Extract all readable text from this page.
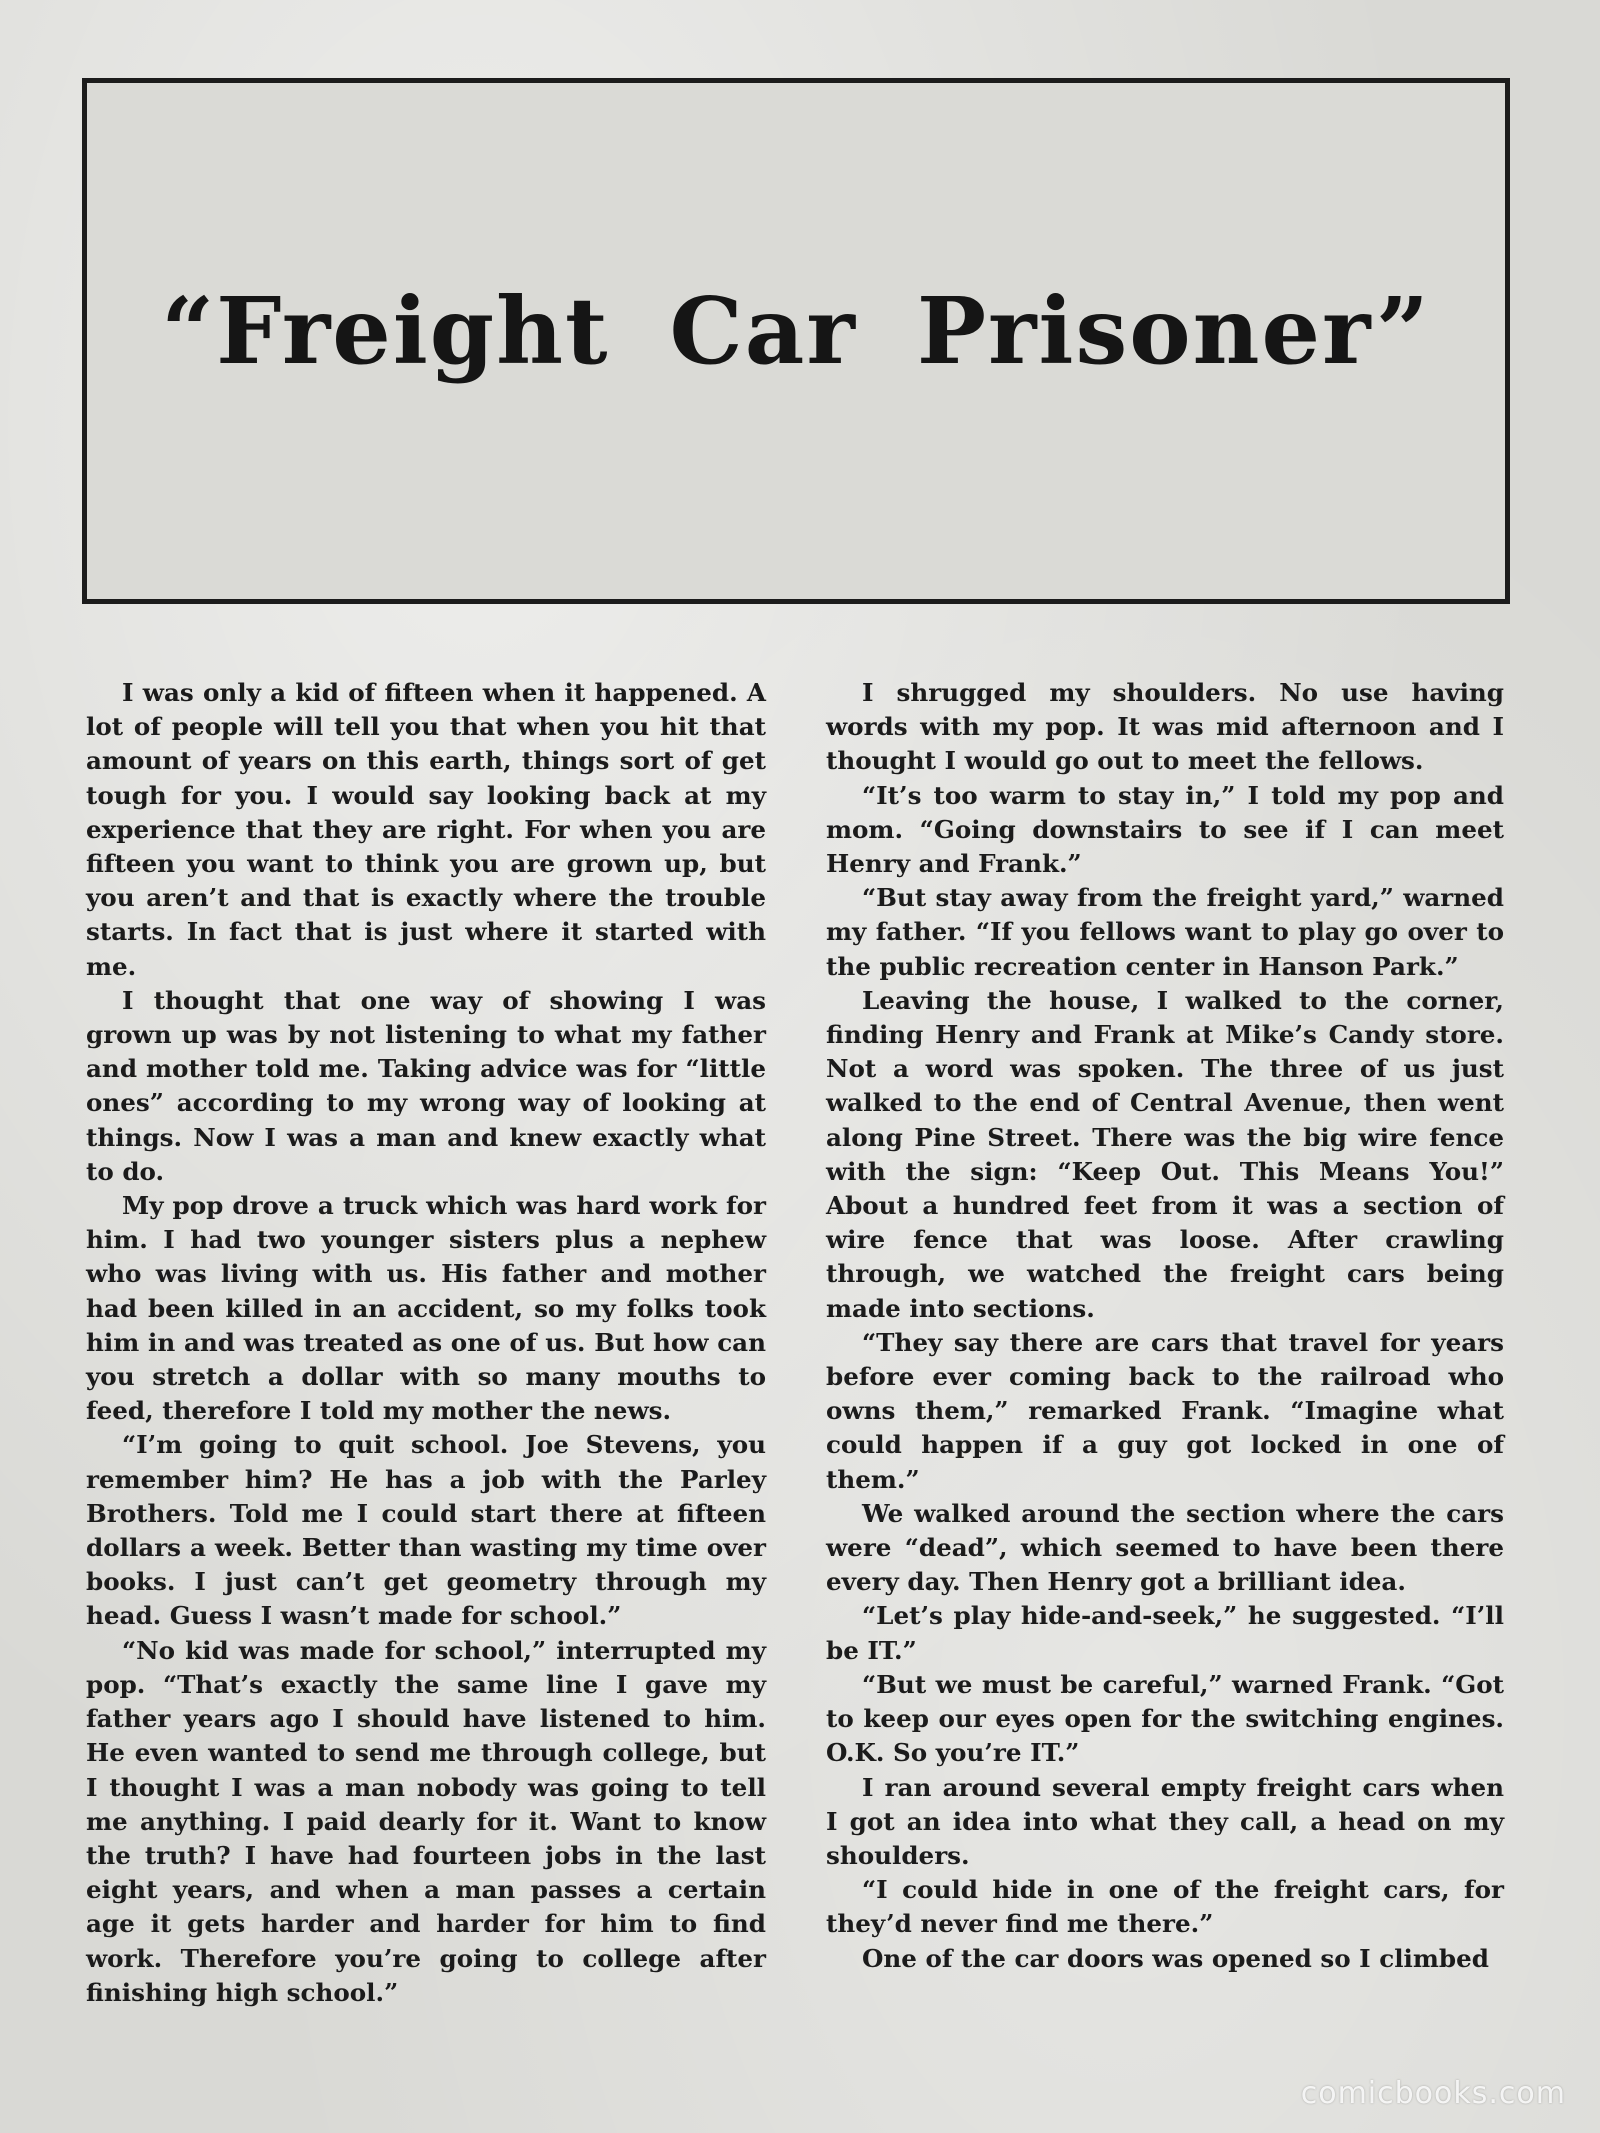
“Freight Car Prisoner”

I was only a kid of fifteen when it happened. A lot of people will tell you that when you hit that amount of years on this earth, things sort of get tough for you. I would say looking back at my experience that they are right. For when you are fifteen you want to think you are grown up, but you aren’t and that is exactly where the trouble starts. In fact that is just where it started with me.

I thought that one way of showing I was grown up was by not listening to what my father and mother told me. Taking advice was for “little ones” according to my wrong way of looking at things. Now I was a man and knew exactly what to do.

My pop drove a truck which was hard work for him. I had two younger sisters plus a nephew who was living with us. His father and mother had been killed in an accident, so my folks took him in and was treated as one of us. But how can you stretch a dollar with so many mouths to feed, therefore I told my mother the news.

“I’m going to quit school. Joe Stevens, you remember him? He has a job with the Parley Brothers. Told me I could start there at fifteen dollars a week. Better than wasting my time over books. I just can’t get geometry through my head. Guess I wasn’t made for school.”

“No kid was made for school,” interrupted my pop. “That’s exactly the same line I gave my father years ago I should have listened to him. He even wanted to send me through college, but I thought I was a man nobody was going to tell me anything. I paid dearly for it. Want to know the truth? I have had fourteen jobs in the last eight years, and when a man passes a certain age it gets harder and harder for him to find work. Therefore you’re going to college after finishing high school.”

I shrugged my shoulders. No use having words with my pop. It was mid afternoon and I thought I would go out to meet the fellows.

“It’s too warm to stay in,” I told my pop and mom. “Going downstairs to see if I can meet Henry and Frank.”

“But stay away from the freight yard,” warned my father. “If you fellows want to play go over to the public recreation center in Hanson Park.”

Leaving the house, I walked to the corner, finding Henry and Frank at Mike’s Candy store. Not a word was spoken. The three of us just walked to the end of Central Avenue, then went along Pine Street. There was the big wire fence with the sign: “Keep Out. This Means You!” About a hundred feet from it was a section of wire fence that was loose. After crawling through, we watched the freight cars being made into sections.

“They say there are cars that travel for years before ever coming back to the railroad who owns them,” remarked Frank. “Imagine what could happen if a guy got locked in one of them.”

We walked around the section where the cars were “dead”, which seemed to have been there every day. Then Henry got a brilliant idea.

“Let’s play hide-and-seek,” he suggested. “I’ll be IT.”

“But we must be careful,” warned Frank. “Got to keep our eyes open for the switching engines. O.K. So you’re IT.”

I ran around several empty freight cars when I got an idea into what they call, a head on my shoulders.

“I could hide in one of the freight cars, for they’d never find me there.”

One of the car doors was opened so I climbed

comicbooks.com
